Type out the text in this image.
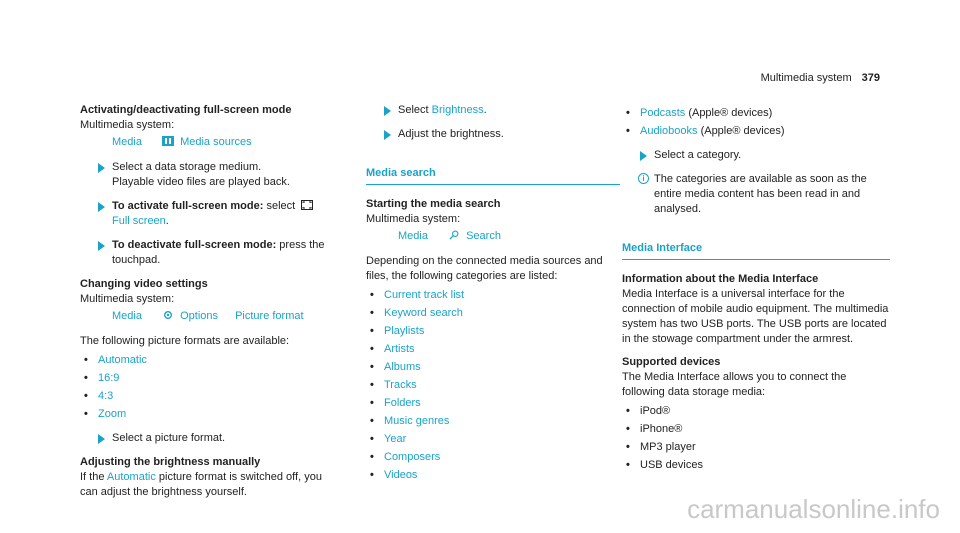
Multimedia system 379

Activating/deactivating full-screen mode

Multimedia system:

Media	Media sources
Select a data storage medium.
Playable video files are played back.
To activate full-screen mode: select
Full screen.
To deactivate full-screen mode: press the touchpad.

Changing video settings

Multimedia system:

Media	Options Picture format

The following picture formats are available:

• Automatic
• 16:9
• 4:3
• Zoom
Select a picture format.

Adjusting the brightness manually

If the Automatic picture format is switched off, you can adjust the brightness yourself.

Select Brightness.
Adjust the brightness.
Media search

Starting the media search

Multimedia system:

Media	Search

Depending on the connected media sources and files, the following categories are listed:

• Current track list
• Keyword search
• Playlists
• Artists
• Albums
• Tracks
• Folders
• Music genres
• Year
• Composers
• Videos
• Podcasts (Apple® devices)
• Audiobooks (Apple® devices)
Select a category.
i The categories are available as soon as the entire media content has been read in and analysed.
Media Interface

Information about the Media Interface

Media Interface is a universal interface for the connection of mobile audio equipment. The multimedia system has two USB ports. The USB ports are located in the stowage compartment under the armrest.

Supported devices

The Media Interface allows you to connect the following data storage media:

• iPod®
• iPhone®
• MP3 player
• USB devices
carmanualsonline.info
